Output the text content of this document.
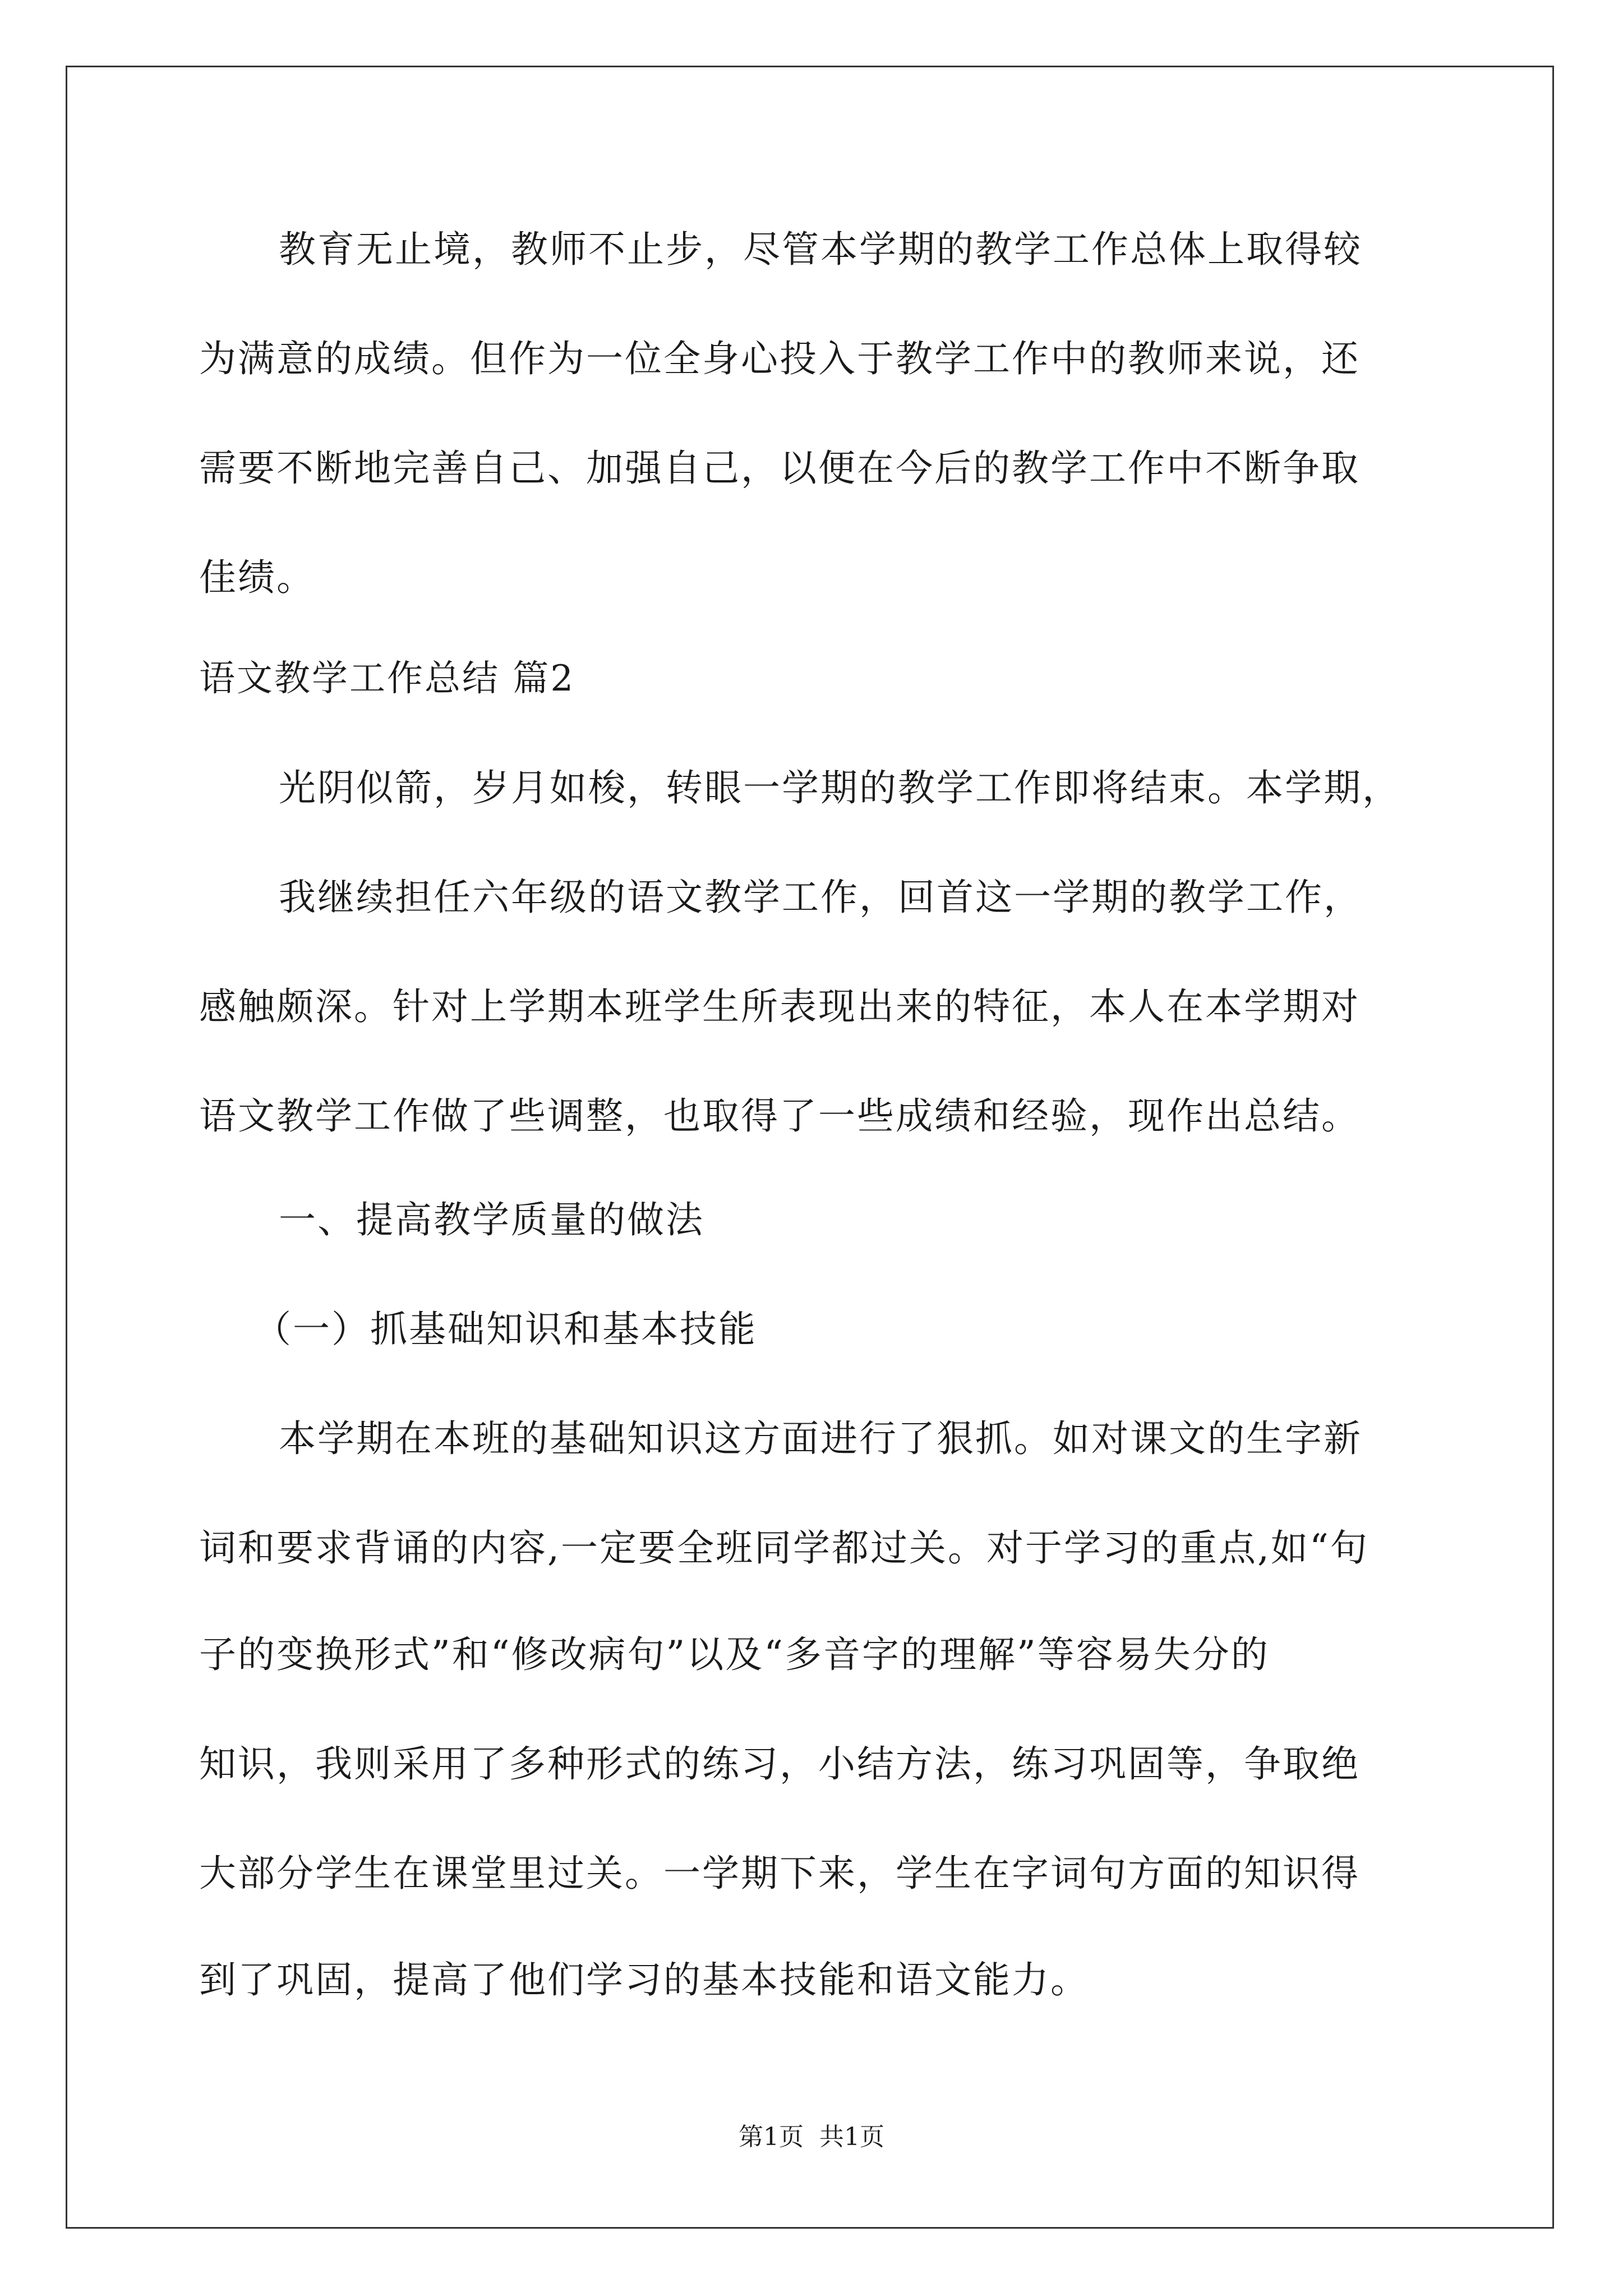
教育无止境，教师不止步，尽管本学期的教学工作总体上取得较
为满意的成绩。但作为一位全身心投入于教学工作中的教师来说，还
需要不断地完善自己、加强自己，以便在今后的教学工作中不断争取
佳绩。
语文教学工作总结 篇2
光阴似箭，岁月如梭，转眼一学期的教学工作即将结束。本学期，
我继续担任六年级的语文教学工作，回首这一学期的教学工作，
感触颇深。针对上学期本班学生所表现出来的特征，本人在本学期对
语文教学工作做了些调整，也取得了一些成绩和经验，现作出总结。
一、提高教学质量的做法
（一）抓基础知识和基本技能
本学期在本班的基础知识这方面进行了狠抓。如对课文的生字新
词和要求背诵的内容,一定要全班同学都过关。对于学习的重点,如“句
子的变换形式”和“修改病句”以及“多音字的理解”等容易失分的
知识，我则采用了多种形式的练习，小结方法，练习巩固等，争取绝
大部分学生在课堂里过关。一学期下来，学生在字词句方面的知识得
到了巩固，提高了他们学习的基本技能和语文能力。
第1页 共1页
